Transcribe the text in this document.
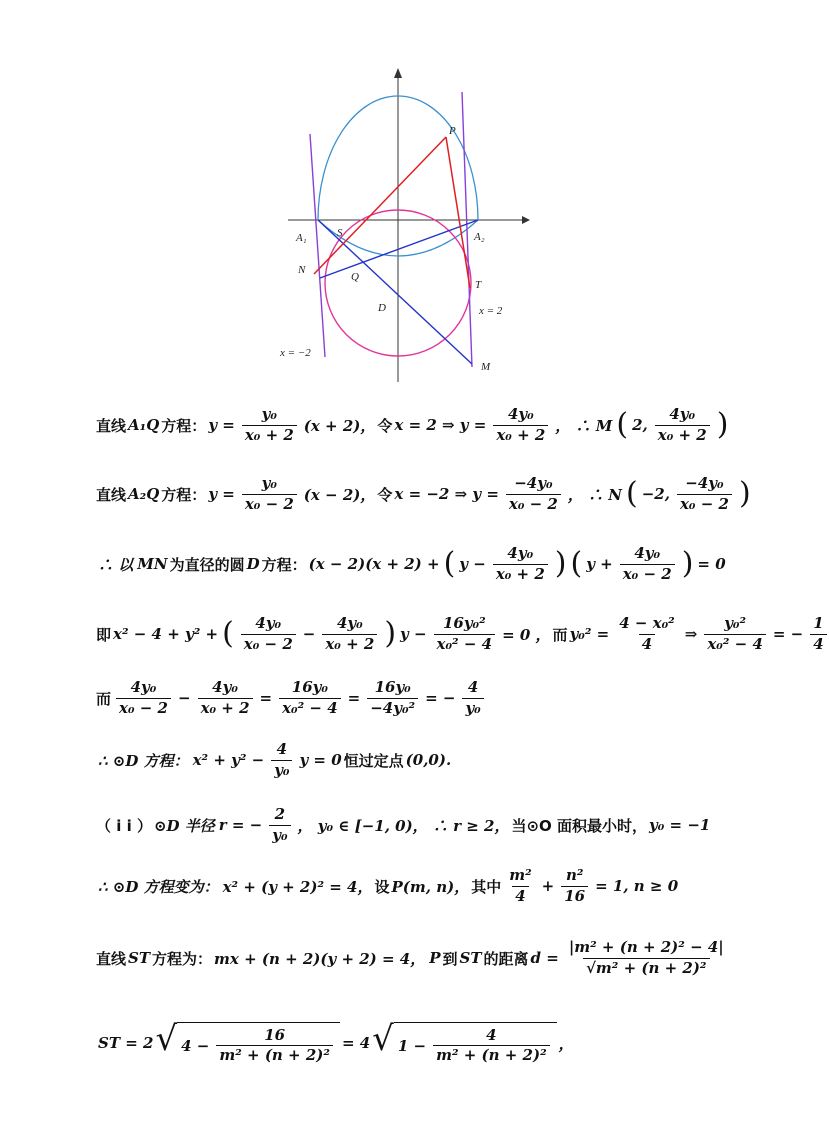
P
A₁	A₂
S
N
Q
T
D	x = 2
M
x = −2
直线 A₁Q 方程： $y = \frac{\text{y₀}}{\text{x₀ + 2}} (x + 2)$， 令 x = 2 ⇒ $y = \frac{\text{4y₀}}{\text{x₀ + 2}}$ ， ∴ M ( 2, $\frac{\text{4y₀}}{\text{x₀ + 2}}$ )
直线 A₂Q 方程： $y = \frac{\text{y₀}}{\text{x₀ − 2}} (x - 2)$， 令 x = −2 ⇒ $y = \frac{\text{−4y₀}}{\text{x₀ − 2}}$ ， ∴ N ( −2, $\frac{\text{−4y₀}}{\text{x₀ − 2}}$ )
∴ 以 MN 为直径的圆 D 方程： (x − 2)(x + 2) + ( $y - \frac{\text{4y₀}}{\text{x₀ + 2}}$ ) ( $y + \frac{\text{4y₀}}{\text{x₀ − 2}}$ ) = 0
即 x² − 4 + y² + ( $\frac{\text{4y₀}}{\text{x₀ − 2}} - \frac{\text{4y₀}}{\text{x₀ + 2}}$ ) $y - \frac{\text{16y₀²}}{\text{x₀² − 4}} = 0$ ， 而 $y_0^2 = \frac{\text{4 − x₀²}}{4}$ ⇒ $\frac{\text{y₀²}}{\text{x₀² − 4}}$ = − $\frac{1}{4}$
而 $\frac{\text{4y₀}}{\text{x₀ − 2}} - \frac{\text{4y₀}}{\text{x₀ + 2}} = \frac{\text{16y₀}}{\text{x₀² − 4}} = \frac{\text{16y₀}}{\text{−4y₀²}}$ = − $\frac{4}{\text{y₀}}$
∴ ⊙D 方程： $x^2 + y^2 - \frac{4}{\text{y₀}}$ y = 0 恒过定点 (0,0).
（ i i ） ⊙D 半径 r = − $\frac{2}{\text{y₀}}$ ， y₀ ∈ [−1, 0)， ∴ r ≥ 2， 当⊙O 面积最小时， y₀ = −1
∴ ⊙D 方程变为： x² + (y + 2)² = 4， 设 P(m, n)， 其中 $\frac{\text{m²}}{4} + \frac{\text{n²}}{16} = 1$, n ≥ 0
直线 ST 方程为： mx + (n + 2)(y + 2) = 4， P 到 ST 的距离 $d = \frac{\text{|m² + (n + 2)² − 4|}}{\text{√m² + (n + 2)²}}$
ST = 2 √ $4 - \frac{16}{\text{m² + (n + 2)²}} = 4$ √ $1 - \frac{4}{\text{m² + (n + 2)²}}$ ，
